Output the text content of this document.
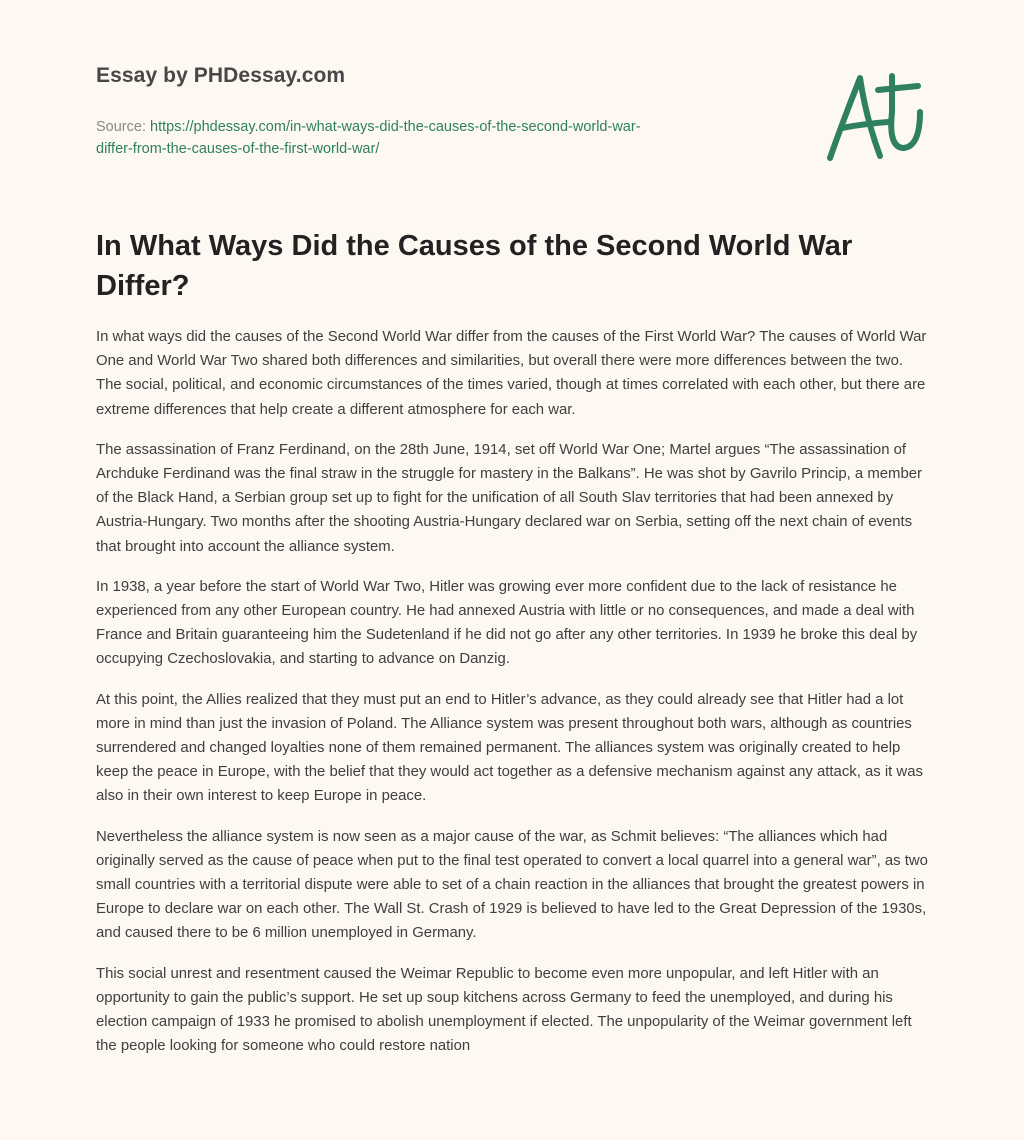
Essay by PHDessay.com
Source: https://phdessay.com/in-what-ways-did-the-causes-of-the-second-world-war-
differ-from-the-causes-of-the-first-world-war/
In What Ways Did the Causes of the Second World War Differ?

In what ways did the causes of the Second World War differ from the causes of the First World War? The causes of World War One and World War Two shared both differences and similarities, but overall there were more differences between the two. The social, political, and economic circumstances of the times varied, though at times correlated with each other, but there are extreme differences that help create a different atmosphere for each war.

The assassination of Franz Ferdinand, on the 28th June, 1914, set off World War One; Martel argues “The assassination of Archduke Ferdinand was the final straw in the struggle for mastery in the Balkans”. He was shot by Gavrilo Princip, a member of the Black Hand, a Serbian group set up to fight for the unification of all South Slav territories that had been annexed by Austria-Hungary. Two months after the shooting Austria-Hungary declared war on Serbia, setting off the next chain of events that brought into account the alliance system.

In 1938, a year before the start of World War Two, Hitler was growing ever more confident due to the lack of resistance he experienced from any other European country. He had annexed Austria with little or no consequences, and made a deal with France and Britain guaranteeing him the Sudetenland if he did not go after any other territories. In 1939 he broke this deal by occupying Czechoslovakia, and starting to advance on Danzig.

At this point, the Allies realized that they must put an end to Hitler’s advance, as they could already see that Hitler had a lot more in mind than just the invasion of Poland. The Alliance system was present throughout both wars, although as countries surrendered and changed loyalties none of them remained permanent. The alliances system was originally created to help keep the peace in Europe, with the belief that they would act together as a defensive mechanism against any attack, as it was also in their own interest to keep Europe in peace.

Nevertheless the alliance system is now seen as a major cause of the war, as Schmit believes: “The alliances which had originally served as the cause of peace when put to the final test operated to convert a local quarrel into a general war”, as two small countries with a territorial dispute were able to set of a chain reaction in the alliances that brought the greatest powers in Europe to declare war on each other. The Wall St. Crash of 1929 is believed to have led to the Great Depression of the 1930s, and caused there to be 6 million unemployed in Germany.

This social unrest and resentment caused the Weimar Republic to become even more unpopular, and left Hitler with an opportunity to gain the public’s support. He set up soup kitchens across Germany to feed the unemployed, and during his election campaign of 1933 he promised to abolish unemployment if elected. The unpopularity of the Weimar government left the people looking for someone who could restore nation
